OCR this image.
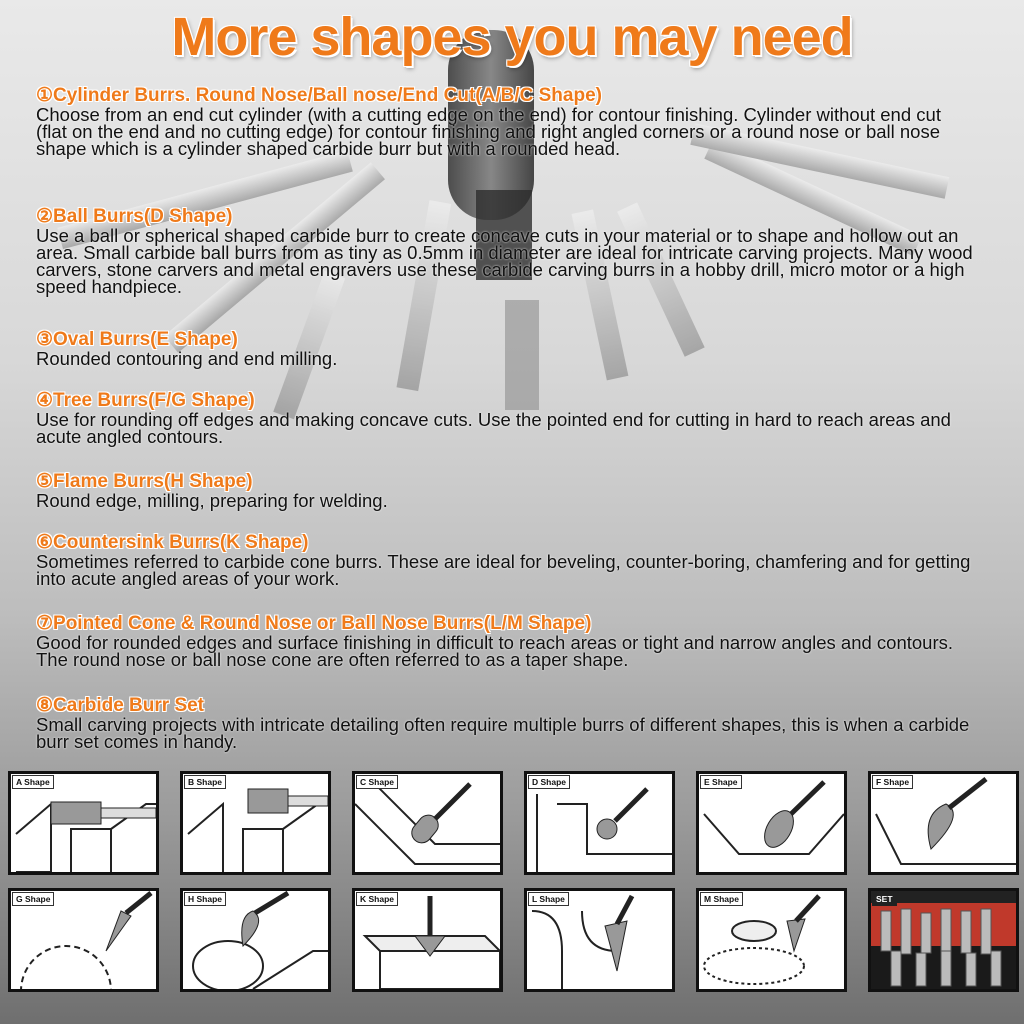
More shapes you may need
①Cylinder Burrs. Round Nose/Ball nose/End Cut(A/B/C Shape)

Choose from an end cut cylinder (with a cutting edge on the end) for contour finishing. Cylinder without end cut (flat on the end and no cutting edge) for contour finishing and right angled corners or a round nose or ball nose shape which is a cylinder shaped carbide burr but with a rounded head.

②Ball Burrs(D Shape)

Use a ball or spherical shaped carbide burr to create concave cuts in your material or to shape and hollow out an area. Small carbide ball burrs from as tiny as 0.5mm in diameter are ideal for intricate carving projects. Many wood carvers, stone carvers and metal engravers use these carbide carving burrs in a hobby drill, micro motor or a high speed handpiece.

③Oval Burrs(E Shape)

Rounded contouring and end milling.

④Tree Burrs(F/G Shape)

Use for rounding off edges and making concave cuts. Use the pointed end for cutting in hard to reach areas and acute angled contours.

⑤Flame Burrs(H Shape)

Round edge, milling, preparing for welding.

⑥Countersink Burrs(K Shape)

Sometimes referred to carbide cone burrs. These are ideal for beveling, counter-boring, chamfering and for getting into acute angled areas of your work.

⑦Pointed Cone & Round Nose or Ball Nose Burrs(L/M Shape)

Good for rounded edges and surface finishing in difficult to reach areas or tight and narrow angles and contours. The round nose or ball nose cone are often referred to as a taper shape.

⑧Carbide Burr Set

Small carving projects with intricate detailing often require multiple burrs of different shapes, this is when a carbide burr set comes in handy.

A Shape	B Shape	C Shape	D Shape	E Shape	F Shape
G Shape	H Shape	K Shape	L Shape	M Shape	SET
